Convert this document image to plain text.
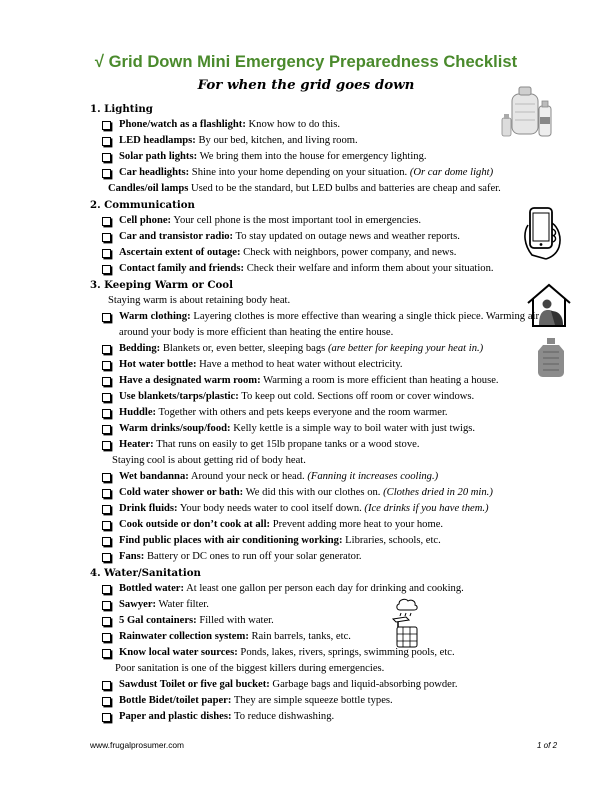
√ Grid Down Mini Emergency Preparedness Checklist
For when the grid goes down
1. Lighting
Phone/watch as a flashlight: Know how to do this.
LED headlamps: By our bed, kitchen, and living room.
Solar path lights: We bring them into the house for emergency lighting.
Car headlights: Shine into your home depending on your situation. (Or car dome light)
Candles/oil lamps Used to be the standard, but LED bulbs and batteries are cheap and safer.
2. Communication
Cell phone: Your cell phone is the most important tool in emergencies.
Car and transistor radio: To stay updated on outage news and weather reports.
Ascertain extent of outage: Check with neighbors, power company, and news.
Contact family and friends: Check their welfare and inform them about your situation.
3. Keeping Warm or Cool
Staying warm is about retaining body heat.
Warm clothing: Layering clothes is more effective than wearing a single thick piece. Warming air around your body is more efficient than heating the entire house.
Bedding: Blankets or, even better, sleeping bags (are better for keeping your heat in.)
Hot water bottle: Have a method to heat water without electricity.
Have a designated warm room: Warming a room is more efficient than heating a house.
Use blankets/tarps/plastic: To keep out cold. Sections off room or cover windows.
Huddle: Together with others and pets keeps everyone and the room warmer.
Warm drinks/soup/food: Kelly kettle is a simple way to boil water with just twigs.
Heater: That runs on easily to get 15lb propane tanks or a wood stove.
Staying cool is about getting rid of body heat.
Wet bandanna: Around your neck or head. (Fanning it increases cooling.)
Cold water shower or bath: We did this with our clothes on. (Clothes dried in 20 min.)
Drink fluids: Your body needs water to cool itself down. (Ice drinks if you have them.)
Cook outside or don’t cook at all: Prevent adding more heat to your home.
Find public places with air conditioning working: Libraries, schools, etc.
Fans: Battery or DC ones to run off your solar generator.
4. Water/Sanitation
Bottled water: At least one gallon per person each day for drinking and cooking.
Sawyer: Water filter.
5 Gal containers: Filled with water.
Rainwater collection system: Rain barrels, tanks, etc.
Know local water sources: Ponds, lakes, rivers, springs, swimming pools, etc.
Poor sanitation is one of the biggest killers during emergencies.
Sawdust Toilet or five gal bucket: Garbage bags and liquid-absorbing powder.
Bottle Bidet/toilet paper: They are simple squeeze bottle types.
Paper and plastic dishes: To reduce dishwashing.
www.frugalprosumer.com	1 of 2
